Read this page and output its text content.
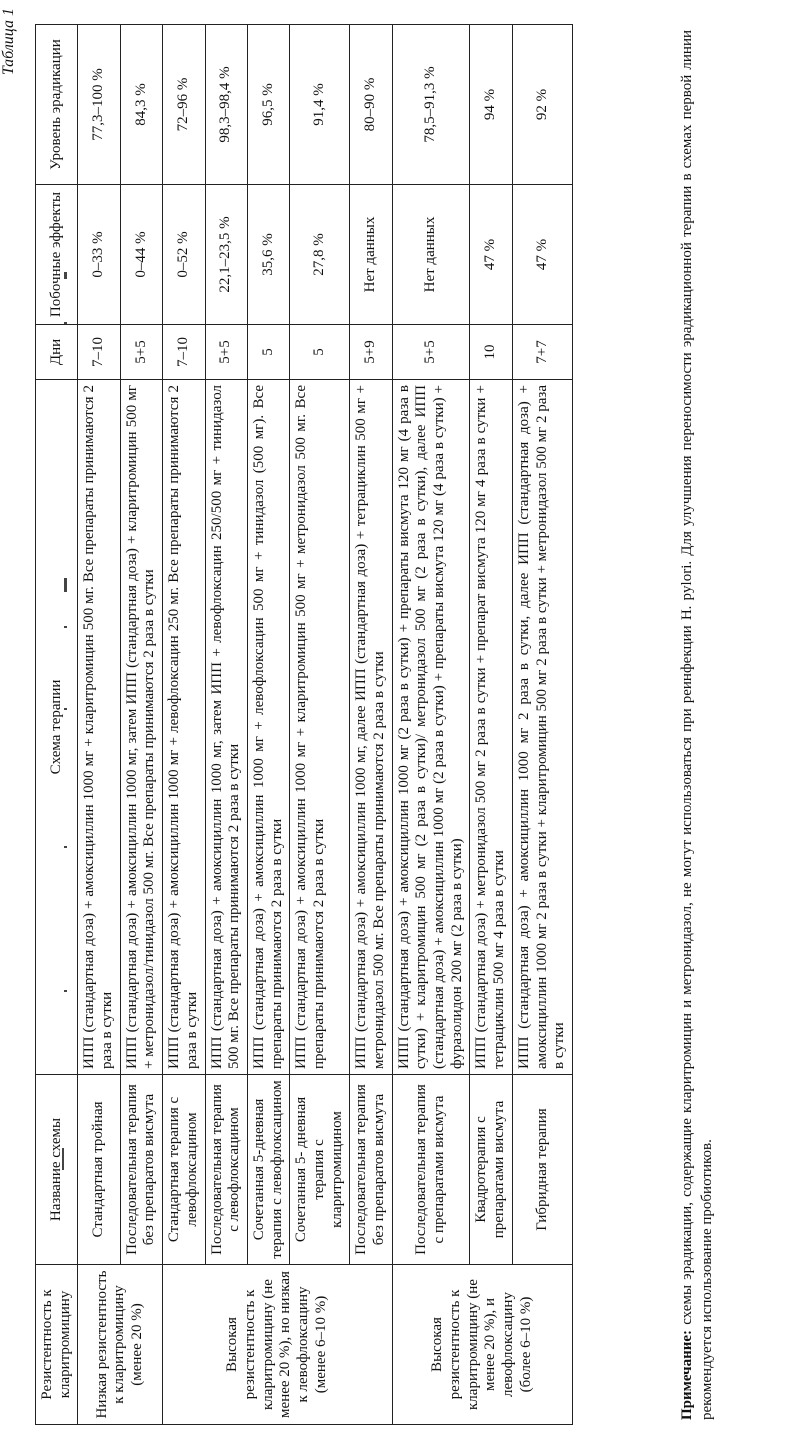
Таблица 1
Резистентность к кларитромицину	Название схемы	Схема терапии	Дни	Побочные эффекты	Уровень эрадикации
Низкая резистентность к кларитромицину (менее 20 %)	Стандартная тройная	ИПП (стандартная доза) + амоксициллин 1000 мг + кларитромицин 500 мг. Все препараты принимаются 2 раза в сутки	7–10	0–33 %	77,3–100 %
	Последовательная терапия без препаратов висмута	ИПП (стандартная доза) + амоксициллин 1000 мг, затем ИПП (стандартная доза) + кларитромицин 500 мг + метронидазол/тинидазол 500 мг. Все препараты принимаются 2 раза в сутки	5+5	0–44 %	84,3 %
Высокая резистентность к кларитромицину (не менее 20 %), но низкая к левофлоксацину (менее 6–10 %)	Стандартная терапия с левофлоксацином	ИПП (стандартная доза) + амоксициллин 1000 мг + левофлоксацин 250 мг. Все препараты принимаются 2 раза в сутки	7–10	0–52 %	72–96 %
	Последовательная терапия с левофлоксацином	ИПП (стандартная доза) + амоксициллин 1000 мг, затем ИПП + левофлоксацин 250/500 мг + тинидазол 500 мг. Все препараты принимаются 2 раза в сутки	5+5	22,1–23,5 %	98,3–98,4 %
	Сочетанная 5-дневная терапия с левофлоксацином	ИПП (стандартная доза) + амоксициллин 1000 мг + левофлоксацин 500 мг + тинидазол (500 мг). Все препараты принимаются 2 раза в сутки	5	35,6 %	96,5 %
	Сочетанная 5- дневная терапия с кларитромицином	ИПП (стандартная доза) + амоксициллин 1000 мг + кларитромицин 500 мг + метронидазол 500 мг. Все препараты принимаются 2 раза в сутки	5	27,8 %	91,4 %
	Последовательная терапия без препаратов висмута	ИПП (стандартная доза) + амоксициллин 1000 мг, далее ИПП (стандартная доза) + тетрациклин 500 мг + метронидазол 500 мг. Все препараты принимаются 2 раза в сутки	5+9	Нет данных	80–90 %
Высокая резистентность к кларитромицину (не менее 20 %), и левофлоксацину (более 6–10 %)	Последовательная терапия с препаратами висмута	ИПП (стандартная доза) + амоксициллин 1000 мг (2 раза в сутки) + препараты висмута 120 мг (4 раза в сутки) + кларитромицин 500 мг (2 раза в сутки)/ метронидазол 500 мг (2 раза в сутки), далее ИПП (стандартная доза) + амоксициллин 1000 мг (2 раза в сутки) + препараты висмута 120 мг (4 раза в сутки) + фуразолидон 200 мг (2 раза в сутки)	5+5	Нет данных	78,5–91,3 %
	Квадротерапия с препаратами висмута	ИПП (стандартная доза) + метронидазол 500 мг 2 раза в сутки + препарат висмута 120 мг 4 раза в сутки + тетрациклин 500 мг 4 раза в сутки	10	47 %	94 %
	Гибридная терапия	ИПП (стандартная доза) + амоксициллин 1000 мг 2 раза в сутки, далее ИПП (стандартная доза) + амоксициллин 1000 мг 2 раза в сутки + кларитромицин 500 мг 2 раза в сутки + метронидазол 500 мг 2 раза в сутки	7+7	47 %	92 %
Примечание: схемы эрадикации, содержащие кларитромицин и метронидазол, не могут использоваться при реинфекции H. pylori. Для улучшения переносимости эрадикационной терапии в схемах первой линии рекомендуется использование пробиотиков.
